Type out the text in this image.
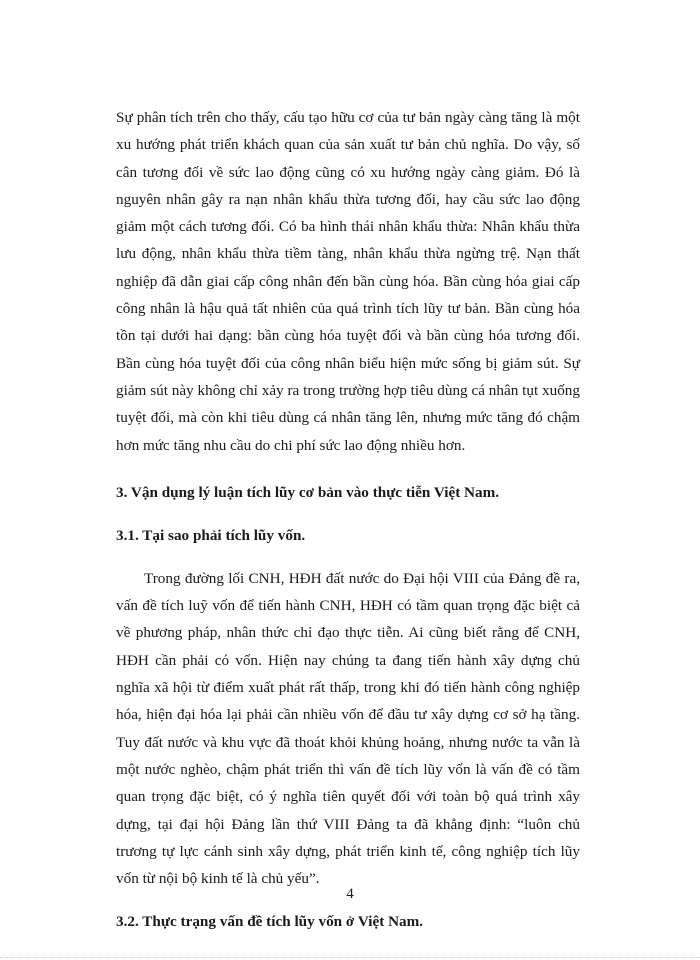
Sự phân tích trên cho thấy, cấu tạo hữu cơ của tư bản ngày càng tăng là một xu hướng phát triển khách quan của sản xuất tư bản chủ nghĩa. Do vậy, số cân tương đối về sức lao động cũng có xu hướng ngày càng giảm. Đó là nguyên nhân gây ra nạn nhân khẩu thừa tương đối, hay cầu sức lao động giảm một cách tương đối. Có ba hình thái nhân khẩu thừa: Nhân khẩu thừa lưu động, nhân khẩu thừa tiềm tàng, nhân khẩu thừa ngừng trệ. Nạn thất nghiệp đã dẫn giai cấp công nhân đến bần cùng hóa. Bần cùng hóa giai cấp công nhân là hậu quả tất nhiên của quá trình tích lũy tư bản. Bần cùng hóa tồn tại dưới hai dạng: bần cùng hóa tuyệt đối và bần cùng hóa tương đối. Bần cùng hóa tuyệt đối của công nhân biểu hiện mức sống bị giảm sút. Sự giảm sút này không chỉ xảy ra trong trường hợp tiêu dùng cá nhân tụt xuống tuyệt đối, mà còn khi tiêu dùng cá nhân tăng lên, nhưng mức tăng đó chậm hơn mức tăng nhu cầu do chi phí sức lao động nhiều hơn.

3. Vận dụng lý luận tích lũy cơ bản vào thực tiễn Việt Nam.

3.1. Tại sao phải tích lũy vốn.

Trong đường lối CNH, HĐH đất nước do Đại hội VIII của Đảng đề ra, vấn đề tích luỹ vốn để tiến hành CNH, HĐH có tầm quan trọng đặc biệt cả về phương pháp, nhân thức chỉ đạo thực tiễn. Ai cũng biết rằng để CNH, HĐH cần phải có vốn. Hiện nay chúng ta đang tiến hành xây dựng chủ nghĩa xã hội từ điểm xuất phát rất thấp, trong khi đó tiến hành công nghiệp hóa, hiện đại hóa lại phải cần nhiều vốn để đầu tư xây dựng cơ sở hạ tầng. Tuy đất nước và khu vực đã thoát khỏi khủng hoảng, nhưng nước ta vẫn là một nước nghèo, chậm phát triển thì vấn đề tích lũy vốn là vấn đề có tầm quan trọng đặc biệt, có ý nghĩa tiên quyết đối với toàn bộ quá trình xây dựng, tại đại hội Đảng lần thứ VIII Đảng ta đã khẳng định: “luôn chủ trương tự lực cánh sinh xây dựng, phát triển kinh tế, công nghiệp tích lũy vốn từ nội bộ kinh tế là chủ yếu”.

3.2. Thực trạng vấn đề tích lũy vốn ở Việt Nam.

4
